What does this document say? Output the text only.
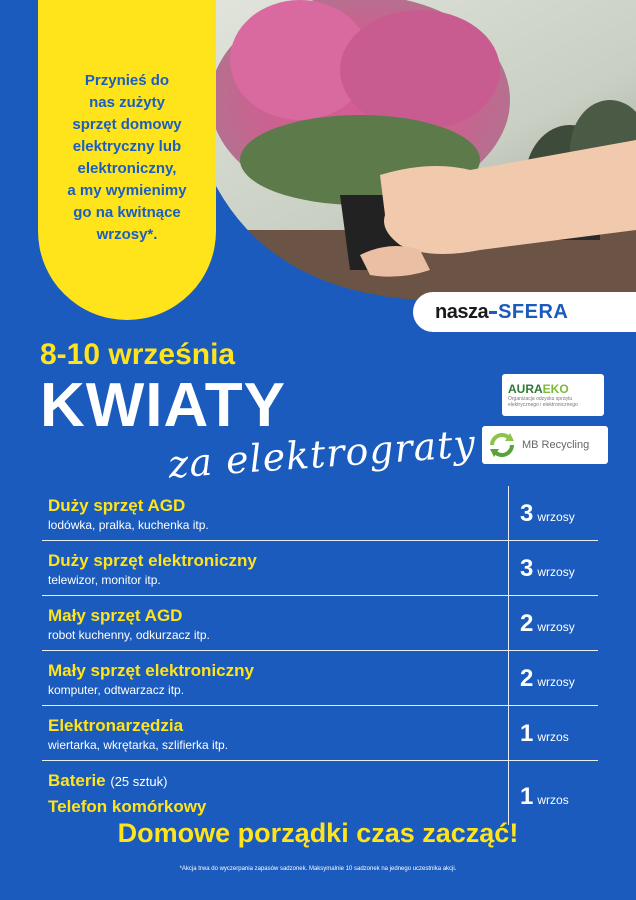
Przynieś do
nas zużyty
sprzęt domowy
elektryczny lub
elektroniczny,
a my wymienimy
go na kwitnące
wrzosy*.
nasza SFERA
8-10 września
KWIATY
za elektrograty
AURAEKO
Organizacja odzysku sprzętu elektrycznego i elektronicznego
MB Recycling
Duży sprzęt AGD
lodówka, pralka, kuchenka itp.	3 wrzosy
Duży sprzęt elektroniczny
telewizor, monitor itp.	3 wrzosy
Mały sprzęt AGD
robot kuchenny, odkurzacz itp.	2 wrzosy
Mały sprzęt elektroniczny
komputer, odtwarzacz itp.	2 wrzosy
Elektronarzędzia
wiertarka, wkrętarka, szlifierka itp.	1 wrzos
Baterie (25 sztuk)
Telefon komórkowy	1 wrzos
Domowe porządki czas zacząć!
*Akcja trwa do wyczerpania zapasów sadzonek. Maksymalnie 10 sadzonek na jednego uczestnika akcji.
